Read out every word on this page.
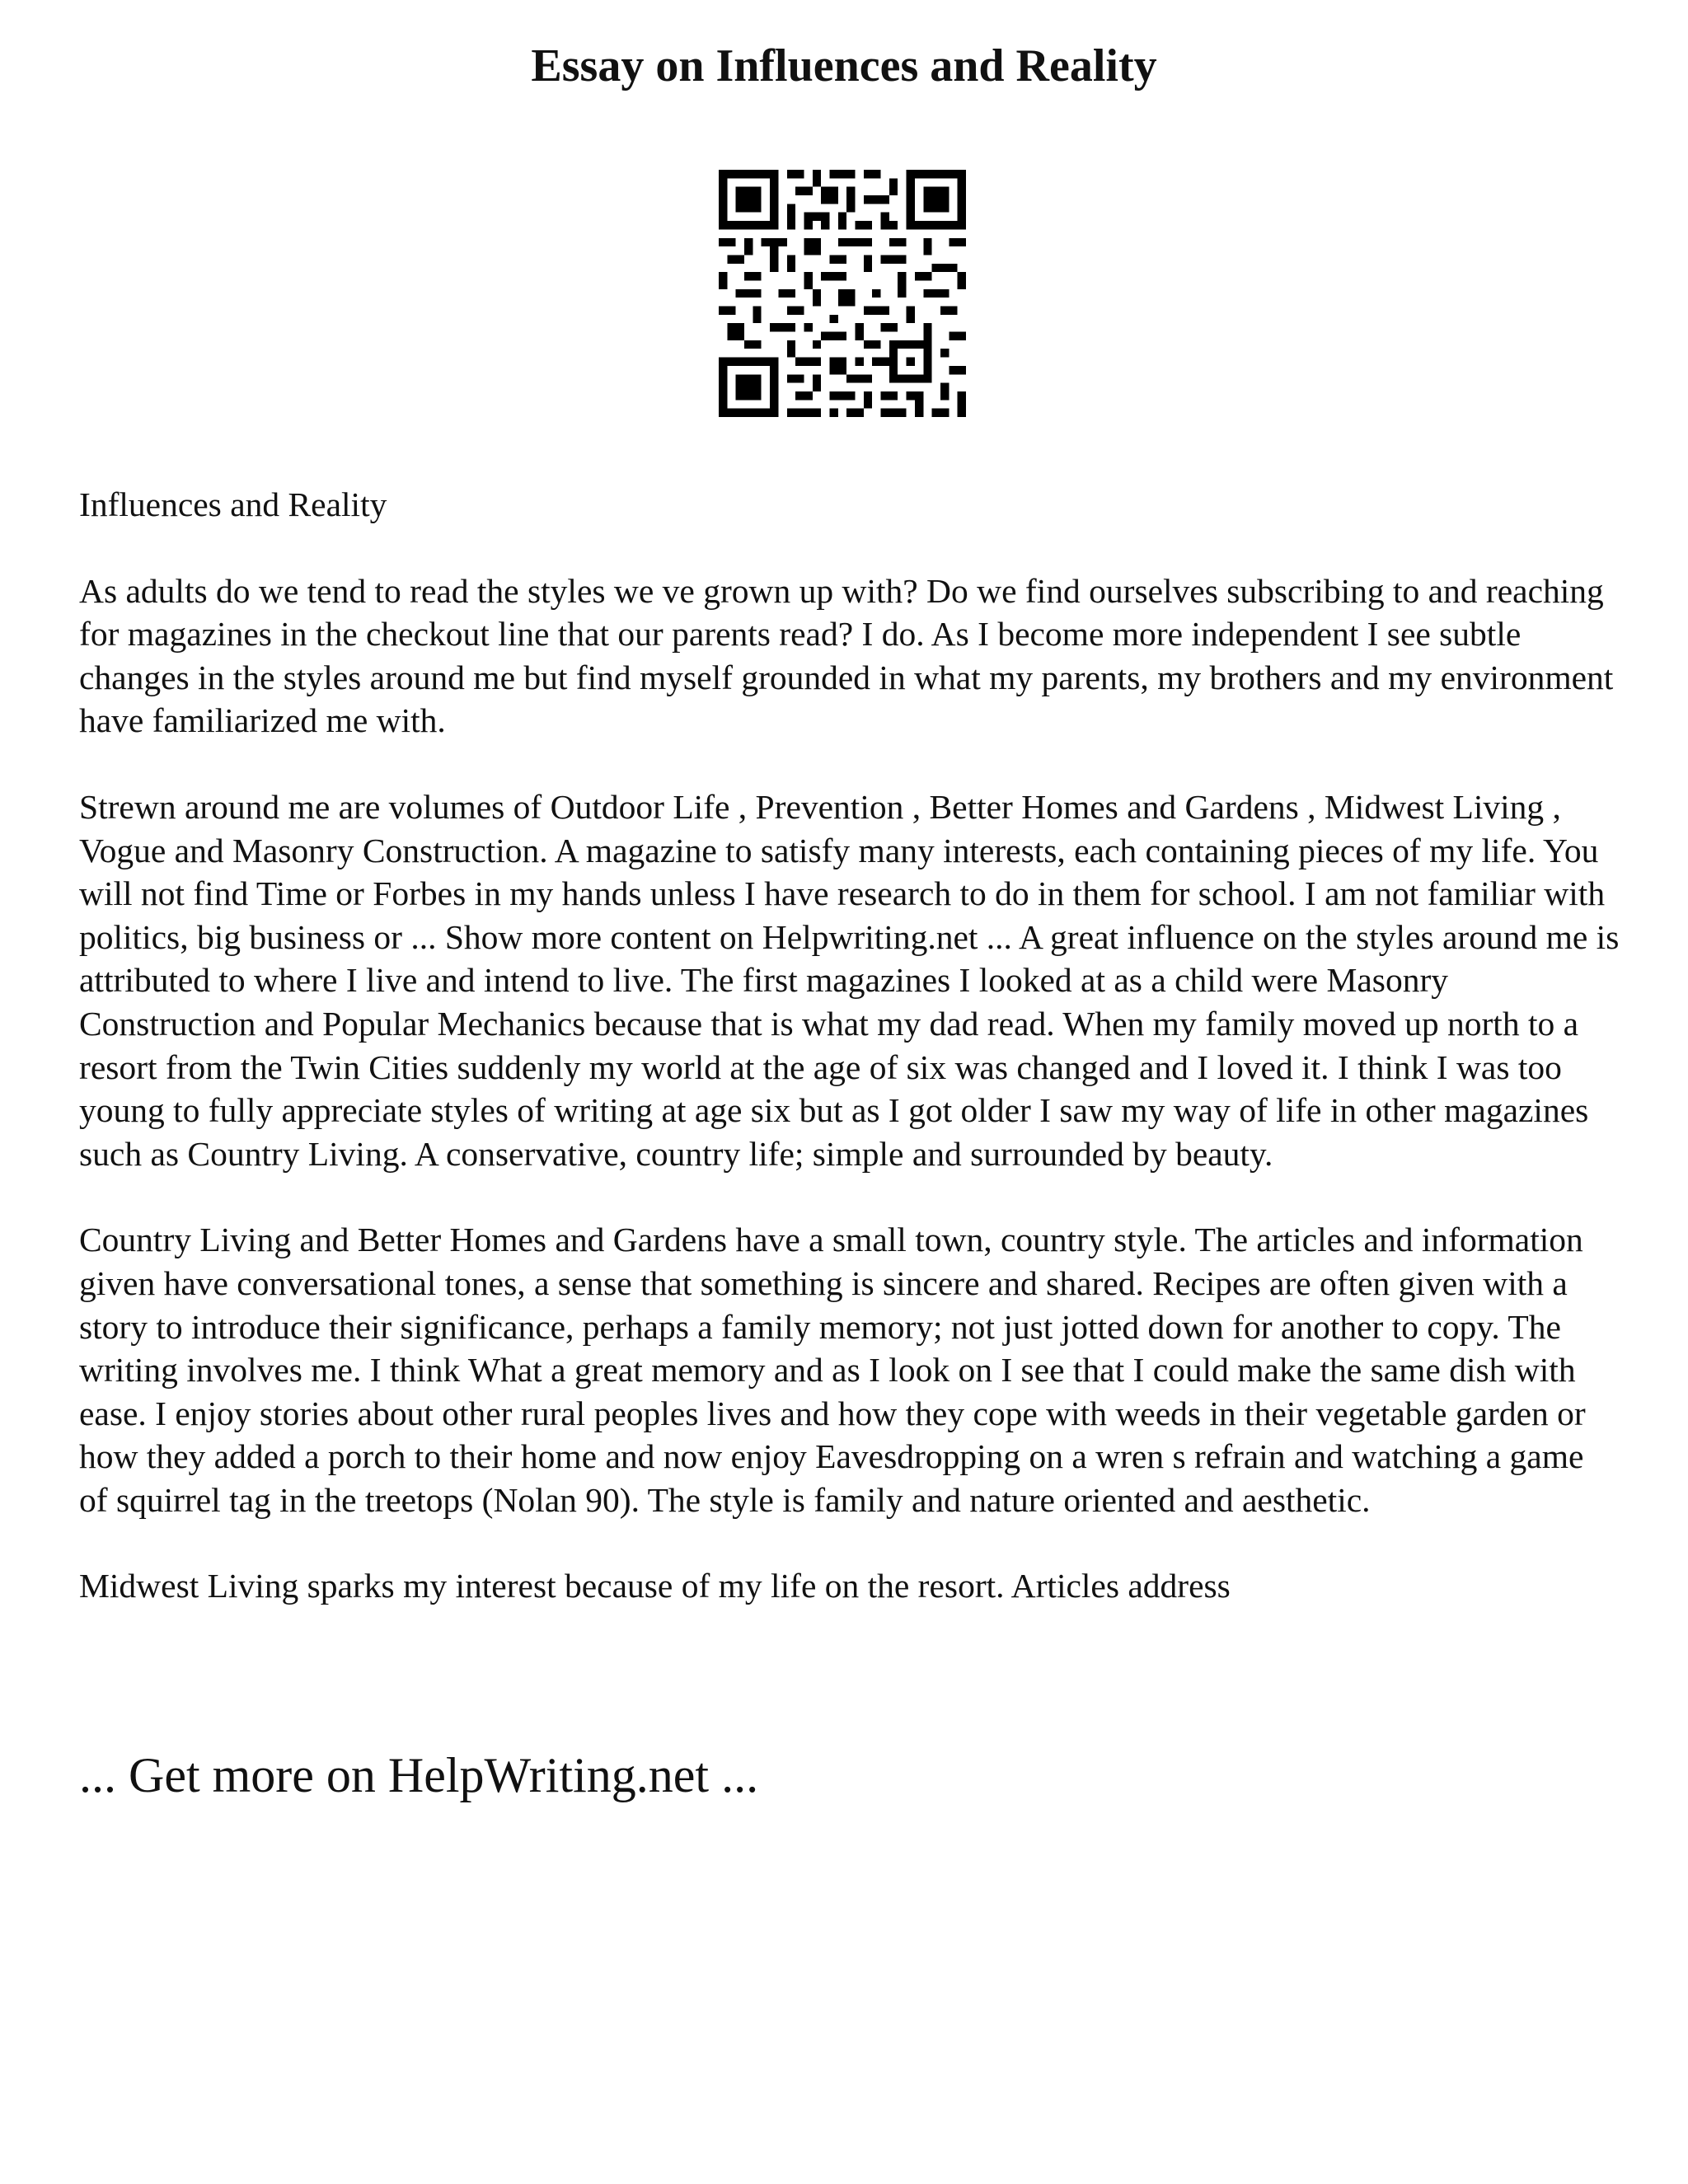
Essay on Influences and Reality

Influences and Reality

As adults do we tend to read the styles we ve grown up with? Do we find ourselves subscribing to and reaching for magazines in the checkout line that our parents read? I do. As I become more independent I see subtle changes in the styles around me but find myself grounded in what my parents, my brothers and my environment have familiarized me with.

Strewn around me are volumes of Outdoor Life , Prevention , Better Homes and Gardens , Midwest Living , Vogue and Masonry Construction. A magazine to satisfy many interests, each containing pieces of my life. You will not find Time or Forbes in my hands unless I have research to do in them for school. I am not familiar with politics, big business or ... Show more content on Helpwriting.net ... A great influence on the styles around me is attributed to where I live and intend to live. The first magazines I looked at as a child were Masonry Construction and Popular Mechanics because that is what my dad read. When my family moved up north to a resort from the Twin Cities suddenly my world at the age of six was changed and I loved it. I think I was too young to fully appreciate styles of writing at age six but as I got older I saw my way of life in other magazines such as Country Living. A conservative, country life; simple and surrounded by beauty.

Country Living and Better Homes and Gardens have a small town, country style. The articles and information given have conversational tones, a sense that something is sincere and shared. Recipes are often given with a story to introduce their significance, perhaps a family memory; not just jotted down for another to copy. The writing involves me. I think What a great memory and as I look on I see that I could make the same dish with ease. I enjoy stories about other rural peoples lives and how they cope with weeds in their vegetable garden or how they added a porch to their home and now enjoy Eavesdropping on a wren s refrain and watching a game of squirrel tag in the treetops (Nolan 90). The style is family and nature oriented and aesthetic.

Midwest Living sparks my interest because of my life on the resort. Articles address

... Get more on HelpWriting.net ...
